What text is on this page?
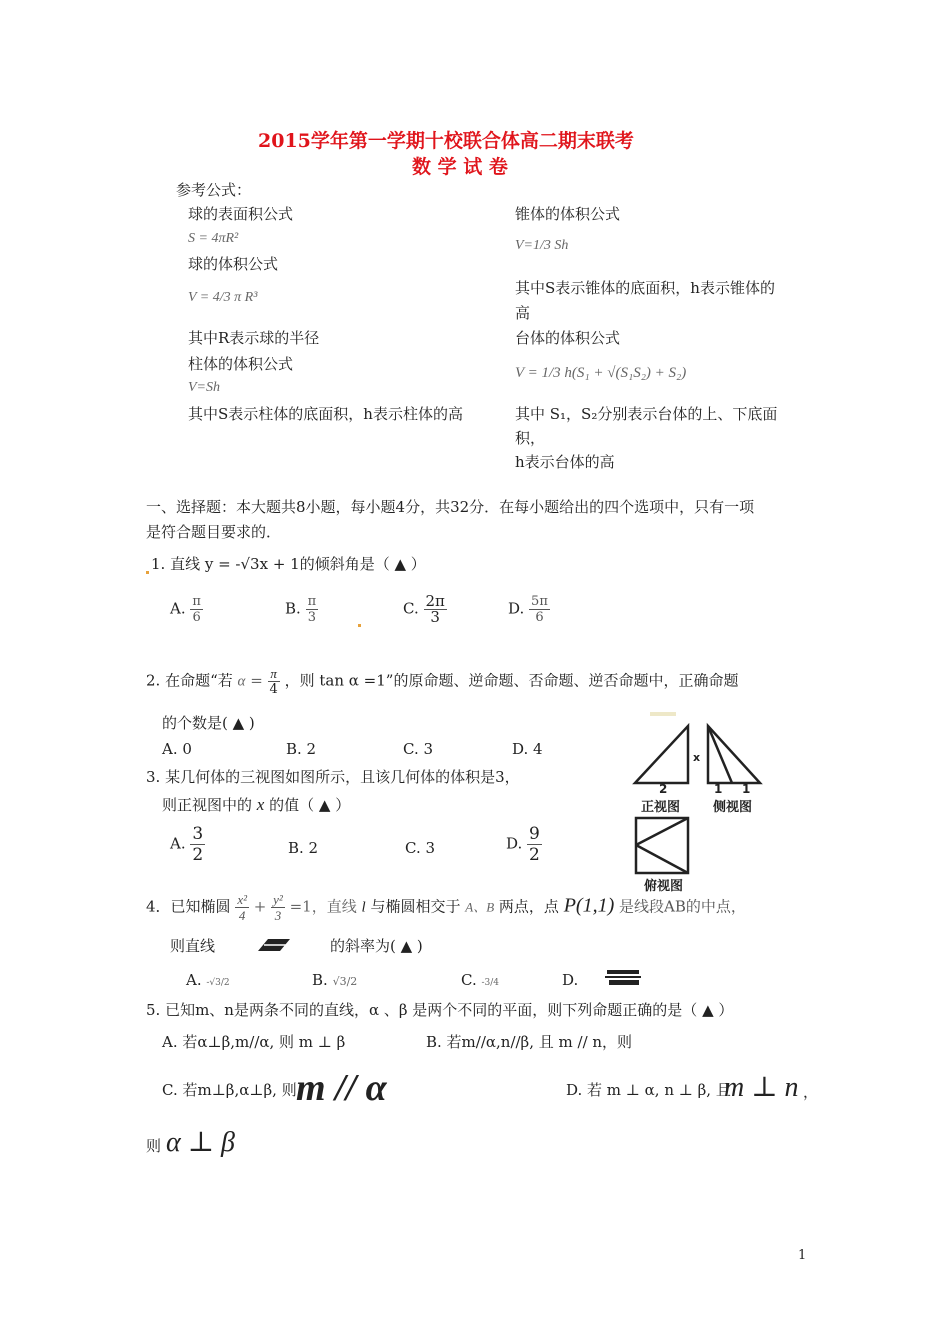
2015学年第一学期十校联合体高二期末联考
数 学 试 卷
参考公式：
球的表面积公式
S = 4πR²
球的体积公式
V = 4/3 π R³
其中R表示球的半径
柱体的体积公式
V=Sh
其中S表示柱体的底面积，h表示柱体的高
锥体的体积公式
V=1/3 Sh
其中S表示锥体的底面积，h表示锥体的
高
台体的体积公式
V = 1/3 h(S₁ + √(S₁S₂) + S₂)
其中 S₁，S₂分别表示台体的上、下底面
积，
h表示台体的高
一、选择题：本大题共8小题，每小题4分，共32分．在每小题给出的四个选项中，只有一项
是符合题目要求的．
1. 直线 y = -√3x + 1的倾斜角是（ ▲ ）
A. $\frac{\pi}{6}$	B. $\frac{\pi}{3}$	C. $\frac{2\pi}{3}$	D. $\frac{5\pi}{6}$
2. 在命题“若 $\alpha = \frac{\pi}{4}$ ，则 tan α =1”的原命题、逆命题、否命题、逆否命题中，正确命题
的个数是( ▲ )
A. 0	B. 2	C. 3	D. 4
3. 某几何体的三视图如图所示，且该几何体的体积是3，
则正视图中的 x 的值（ ▲ ）
A. $\frac{3}{2}$	B. 2	C. 3	D. $\frac{9}{2}$
x
2	1 1
正视图	侧视图
俯视图
4．已知椭圆 $\frac{\text{x²}}{4} + \frac{\text{y²}}{3} =1$，直线 l 与椭圆相交于 A、B 两点，点 P(1,1) 是线段AB的中点，
则直线	的斜率为( ▲ )
A. -√3/2	B. √3/2	C. -3/4	D.
5. 已知m、n是两条不同的直线，α 、β 是两个不同的平面，则下列命题正确的是（ ▲ ）
A. 若α⊥β,m//α, 则 m ⊥ β	B. 若m//α,n//β, 且 m // n，则
C. 若m⊥β,α⊥β, 则 m // α	D. 若 m ⊥ α, n ⊥ β, 且
m ⊥ n ，
则 α ⊥ β
1
